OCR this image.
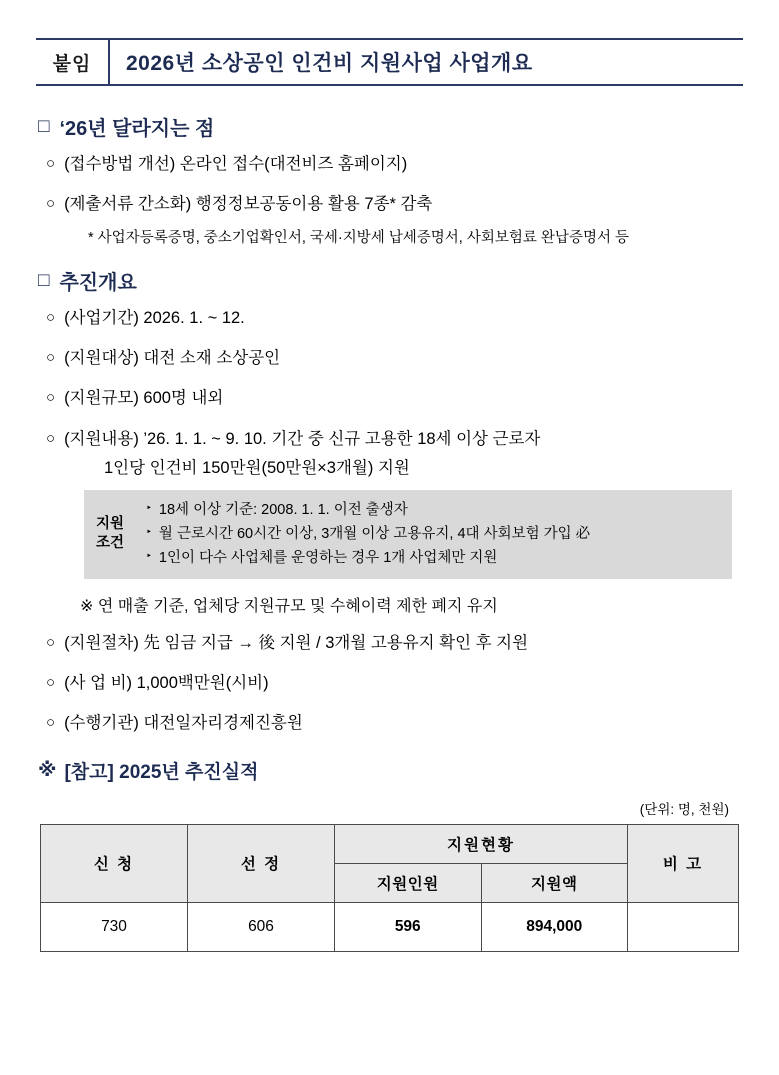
붙임	2026년 소상공인 인건비 지원사업 사업개요
□ ‘26년 달라지는 점
○ (접수방법 개선) 온라인 접수(대전비즈 홈페이지)
○ (제출서류 간소화) 행정정보공동이용 활용 7종* 감축
* 사업자등록증명, 중소기업확인서, 국세·지방세 납세증명서, 사회보험료 완납증명서 등
□ 추진개요
○ (사업기간) 2026. 1. ~ 12.
○ (지원대상) 대전 소재 소상공인
○ (지원규모) 600명 내외
○ (지원내용) ’26. 1. 1. ~ 9. 10. 기간 중 신규 고용한 18세 이상 근로자
1인당 인건비 150만원(50만원×3개월) 지원
지원
조건
‣ 18세 이상 기준: 2008. 1. 1. 이전 출생자
‣ 월 근로시간 60시간 이상, 3개월 이상 고용유지, 4대 사회보험 가입 必
‣ 1인이 다수 사업체를 운영하는 경우 1개 사업체만 지원
※ 연 매출 기준, 업체당 지원규모 및 수혜이력 제한 폐지 유지
○ (지원절차) 先 임금 지급 → 後 지원 / 3개월 고용유지 확인 후 지원
○ (사 업 비) 1,000백만원(시비)
○ (수행기관) 대전일자리경제진흥원
※ [참고] 2025년 추진실적
(단위: 명, 천원)
신 청	선 정	지원현황		비 고
		지원인원	지원액	
730	606	596	894,000	
